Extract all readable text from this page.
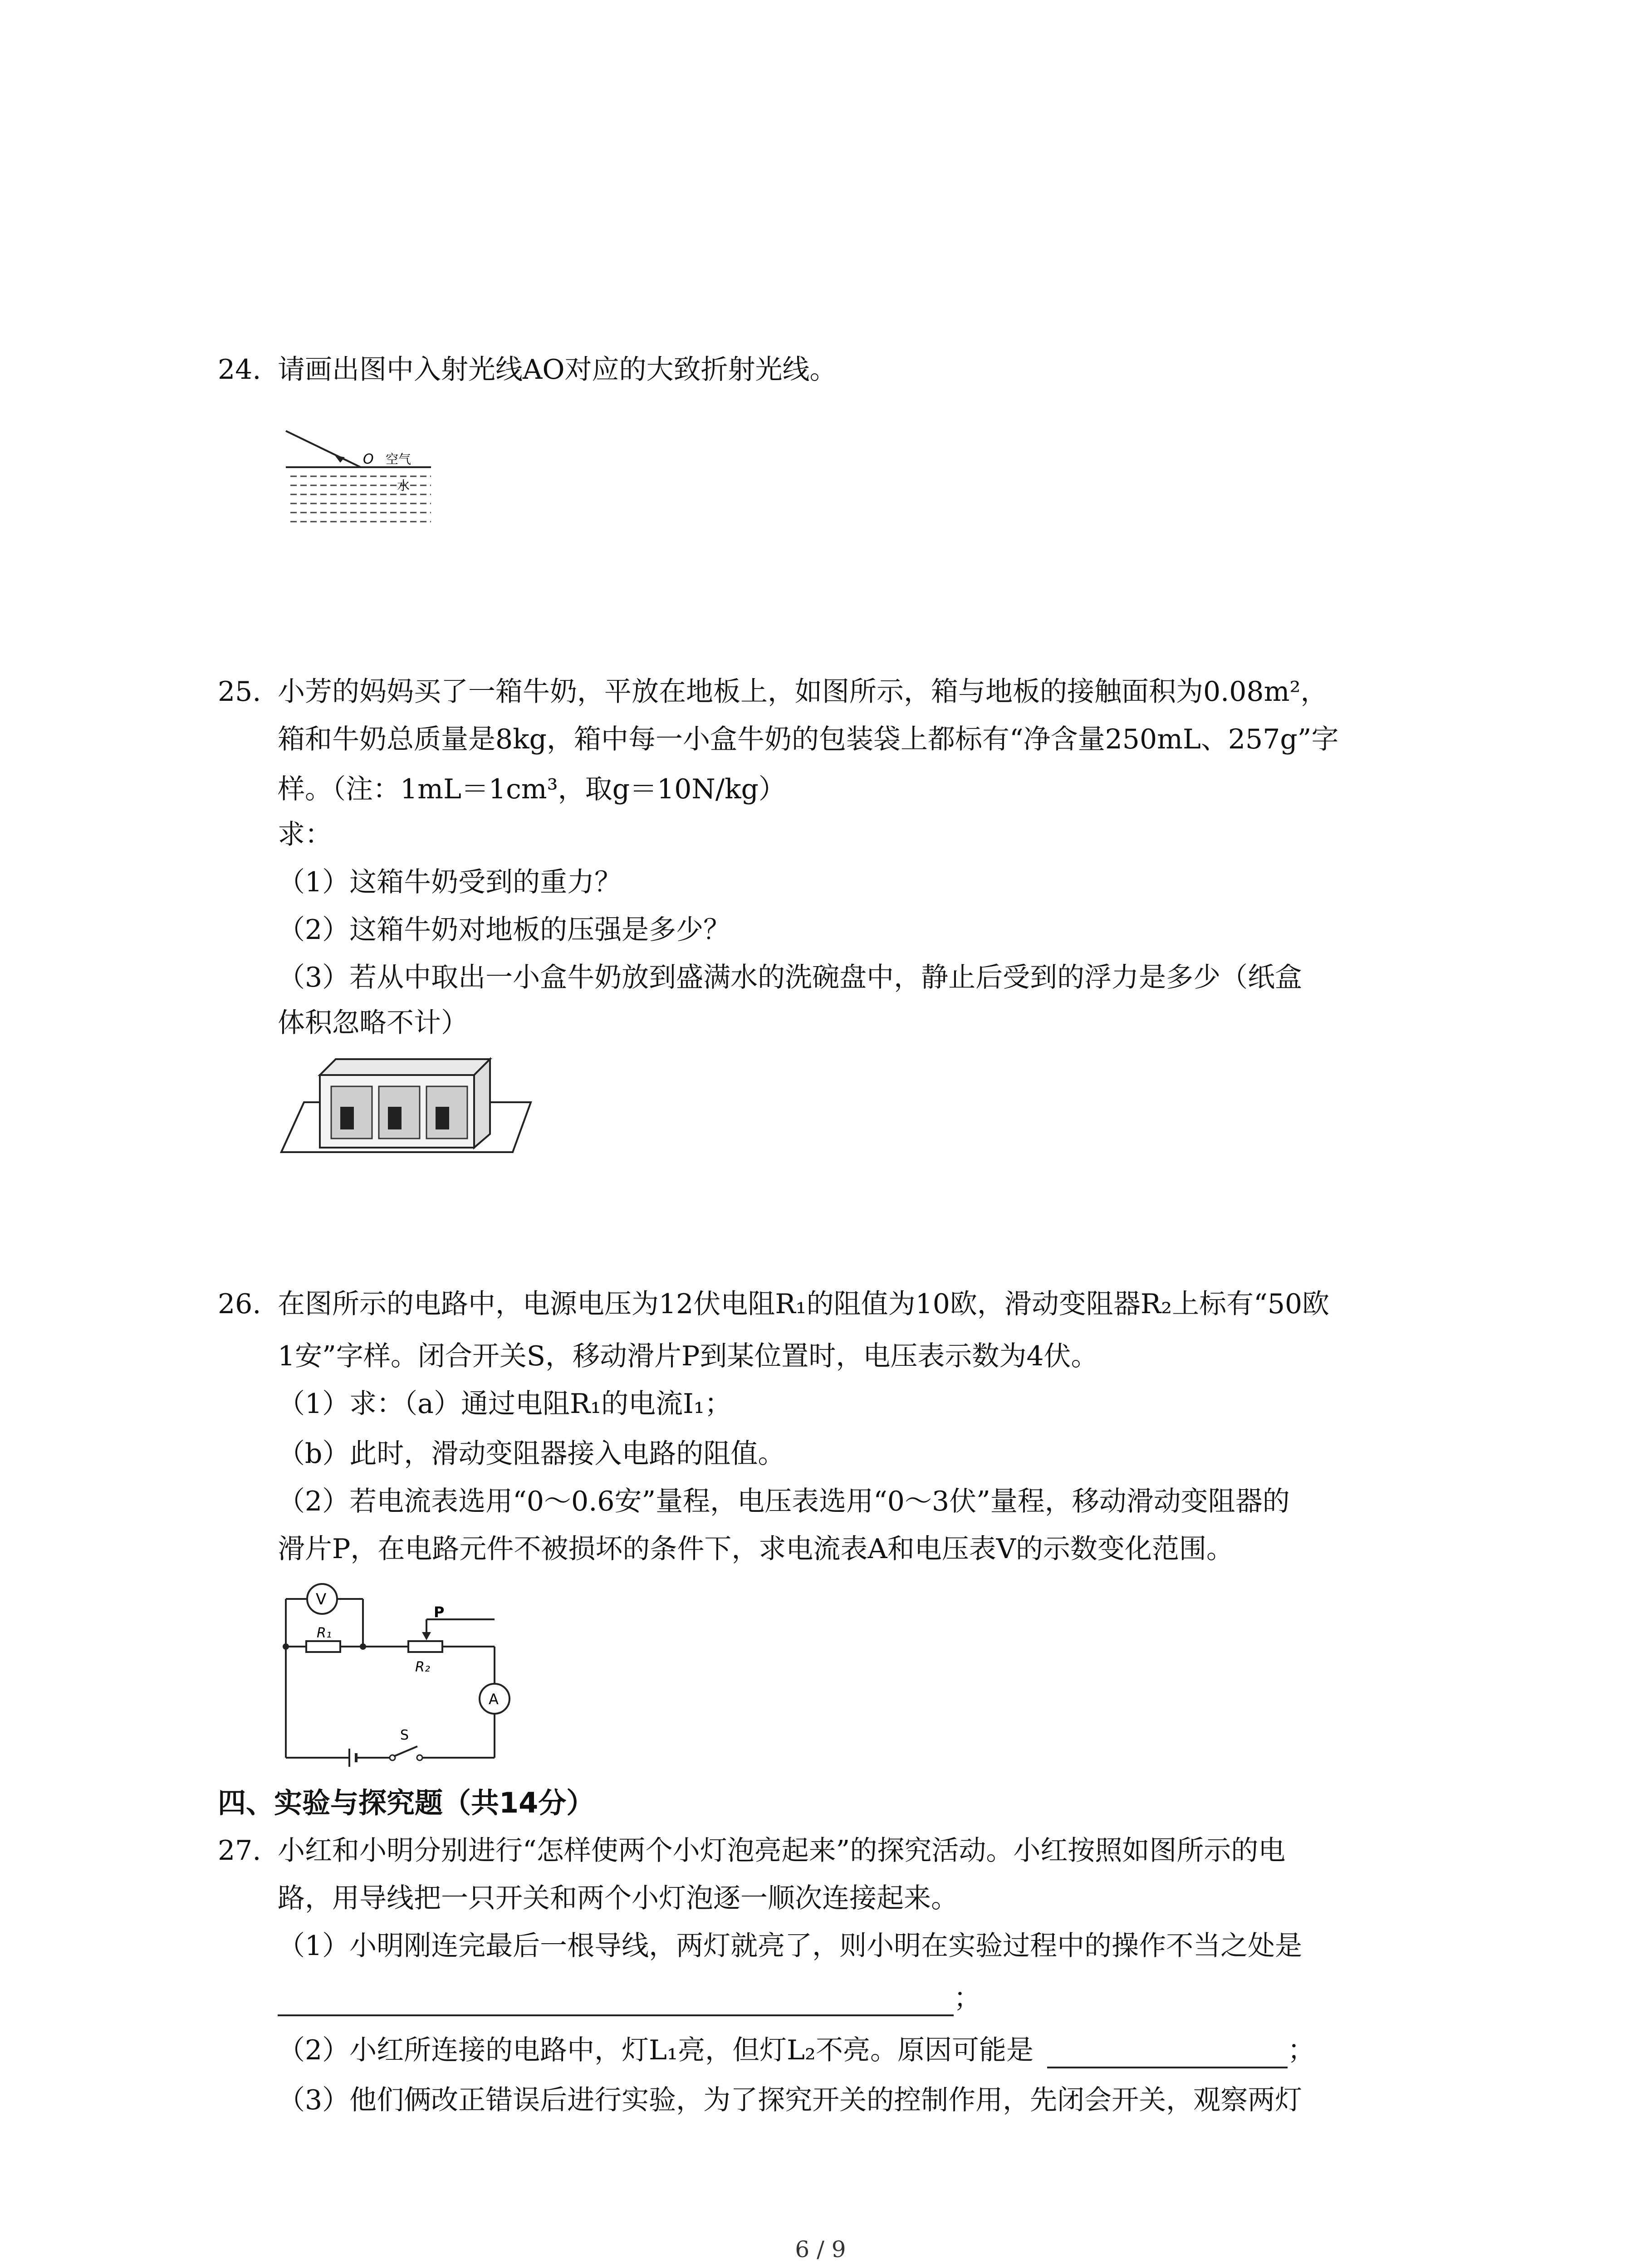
24. 请画出图中入射光线AO对应的大致折射光线。
O 空气
水
25. 小芳的妈妈买了一箱牛奶，平放在地板上，如图所示，箱与地板的接触面积为0.08m²，
箱和牛奶总质量是8kg，箱中每一小盒牛奶的包装袋上都标有“净含量250mL、257g”字
样。（注：1mL＝1cm³，取g＝10N/kg）
求：
（1）这箱牛奶受到的重力？
（2）这箱牛奶对地板的压强是多少？
（3）若从中取出一小盒牛奶放到盛满水的洗碗盘中，静止后受到的浮力是多少（纸盒
体积忽略不计）
26. 在图所示的电路中，电源电压为12伏电阻R₁的阻值为10欧，滑动变阻器R₂上标有“50欧
1安”字样。闭合开关S，移动滑片P到某位置时，电压表示数为4伏。
（1）求：（a）通过电阻R₁的电流I₁；
（b）此时，滑动变阻器接入电路的阻值。
（2）若电流表选用“0～0.6安”量程，电压表选用“0～3伏”量程，移动滑动变阻器的
滑片P，在电路元件不被损坏的条件下，求电流表A和电压表V的示数变化范围。
V
R₁
R₂
P
A
S
四、实验与探究题（共14分）
27. 小红和小明分别进行“怎样使两个小灯泡亮起来”的探究活动。小红按照如图所示的电
路，用导线把一只开关和两个小灯泡逐一顺次连接起来。
（1）小明刚连完最后一根导线，两灯就亮了，则小明在实验过程中的操作不当之处是
；
（2）小红所连接的电路中，灯L₁亮，但灯L₂不亮。原因可能是	；
（3）他们俩改正错误后进行实验，为了探究开关的控制作用，先闭会开关，观察两灯
6 / 9
